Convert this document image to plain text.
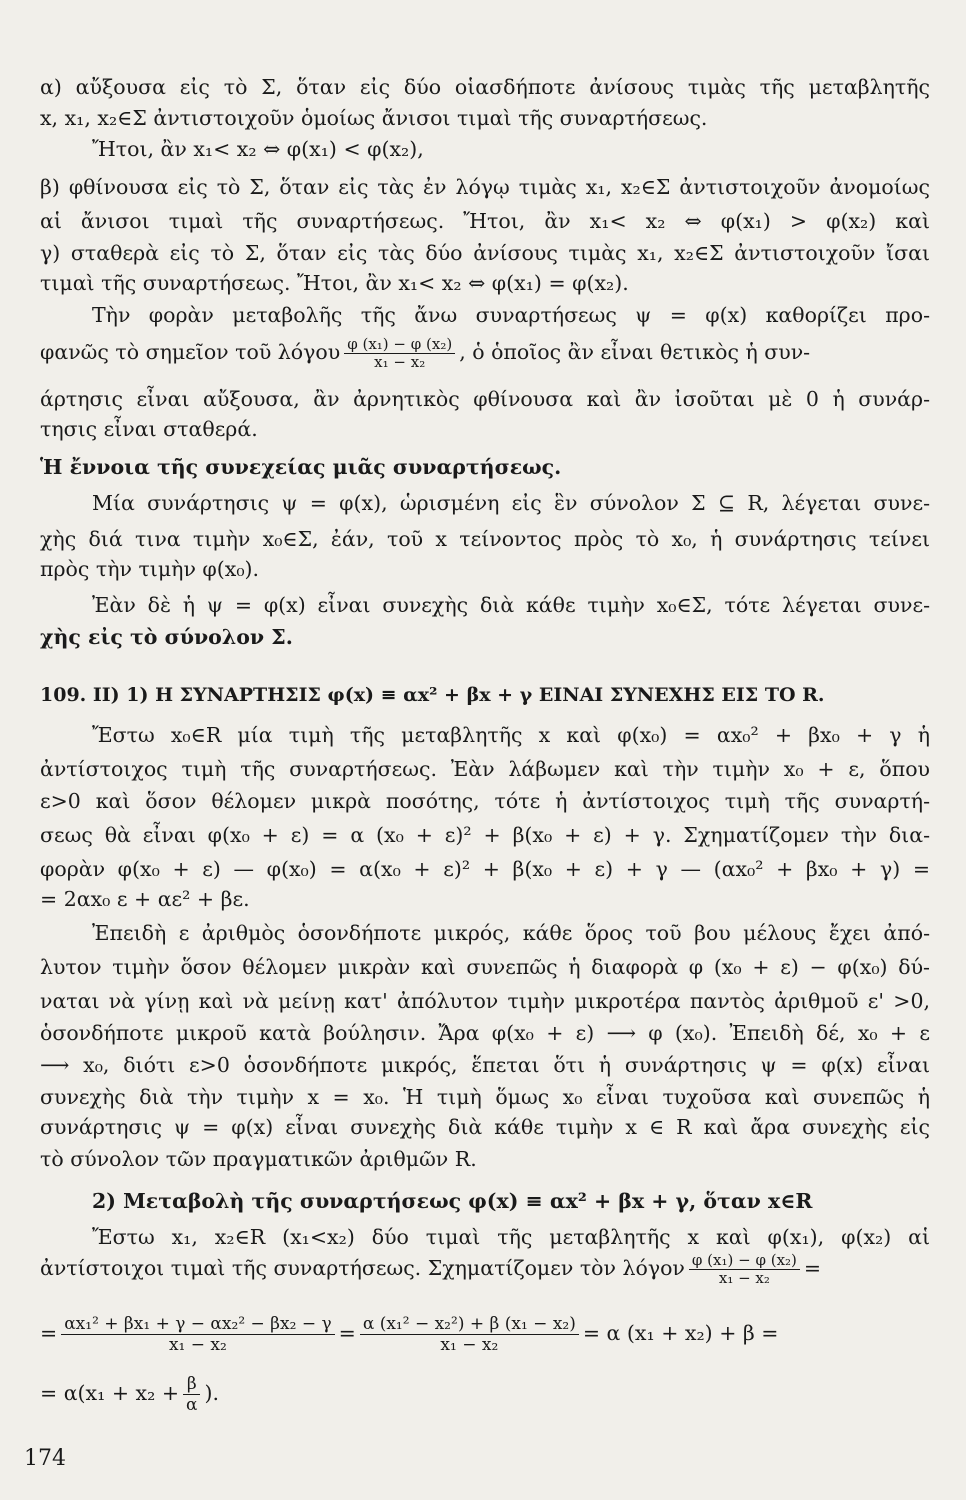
α) αὔξουσα εἰς τὸ Σ, ὅταν εἰς δύο οἱασδήποτε ἀνίσους τιμὰς τῆς μεταβλητῆς
x, x₁, x₂∈Σ ἀντιστοιχοῦν ὁμοίως ἄνισοι τιμαὶ τῆς συναρτήσεως.
Ἤτοι, ἂν x₁< x₂ ⇔ φ(x₁) < φ(x₂),
β) φθίνουσα εἰς τὸ Σ, ὅταν εἰς τὰς ἐν λόγῳ τιμὰς x₁, x₂∈Σ ἀντιστοιχοῦν ἀνομοίως
αἱ ἄνισοι τιμαὶ τῆς συναρτήσεως. Ἤτοι, ἂν x₁< x₂ ⇔ φ(x₁) > φ(x₂) καὶ
γ) σταθερὰ εἰς τὸ Σ, ὅταν εἰς τὰς δύο ἀνίσους τιμὰς x₁, x₂∈Σ ἀντιστοιχοῦν ἴσαι
τιμαὶ τῆς συναρτήσεως. Ἤτοι, ἂν x₁< x₂ ⇔ φ(x₁) = φ(x₂).
Τὴν φορὰν μεταβολῆς τῆς ἄνω συναρτήσεως ψ = φ(x) καθορίζει προ-
φανῶς τὸ σημεῖον τοῦ λόγου $\frac{\text{φ (x₁) − φ (x₂)}}{\text{x₁ − x₂}}$ , ὁ ὁποῖος ἂν εἶναι θετικὸς ἡ συν-
άρτησις εἶναι αὔξουσα, ἂν ἀρνητικὸς φθίνουσα καὶ ἂν ἰσοῦται μὲ 0 ἡ συνάρ-
τησις εἶναι σταθερά.
Ἡ ἔννοια τῆς συνεχείας μιᾶς συναρτήσεως.
Μία συνάρτησις ψ = φ(x), ὡρισμένη εἰς ἓν σύνολον Σ ⊆ R, λέγεται συνε-
χὴς διά τινα τιμὴν x₀∈Σ, ἐάν, τοῦ x τείνοντος πρὸς τὸ x₀, ἡ συνάρτησις τείνει
πρὸς τὴν τιμὴν φ(x₀).
Ἐὰν δὲ ἡ ψ = φ(x) εἶναι συνεχὴς διὰ κάθε τιμὴν x₀∈Σ, τότε λέγεται συνε-
χὴς εἰς τὸ σύνολον Σ.
109. II) 1) Η ΣΥΝΑΡΤΗΣΙΣ φ(x) ≡ αx² + βx + γ ΕΙΝΑΙ ΣΥΝΕΧΗΣ ΕΙΣ ΤΟ R.
Ἔστω x₀∈R μία τιμὴ τῆς μεταβλητῆς x καὶ φ(x₀) = αx₀² + βx₀ + γ ἡ
ἀντίστοιχος τιμὴ τῆς συναρτήσεως. Ἐὰν λάβωμεν καὶ τὴν τιμὴν x₀ + ε, ὅπου
ε>0 καὶ ὅσον θέλομεν μικρὰ ποσότης, τότε ἡ ἀντίστοιχος τιμὴ τῆς συναρτή-
σεως θὰ εἶναι φ(x₀ + ε) = α (x₀ + ε)² + β(x₀ + ε) + γ. Σχηματίζομεν τὴν δια-
φορὰν φ(x₀ + ε) — φ(x₀) = α(x₀ + ε)² + β(x₀ + ε) + γ — (αx₀² + βx₀ + γ) =
= 2αx₀ ε + αε² + βε.
Ἐπειδὴ ε ἀριθμὸς ὁσονδήποτε μικρός, κάθε ὅρος τοῦ βου μέλους ἔχει ἀπό-
λυτον τιμὴν ὅσον θέλομεν μικρὰν καὶ συνεπῶς ἡ διαφορὰ φ (x₀ + ε) − φ(x₀) δύ-
ναται νὰ γίνῃ καὶ νὰ μείνῃ κατ' ἀπόλυτον τιμὴν μικροτέρα παντὸς ἀριθμοῦ ε' >0,
ὁσονδήποτε μικροῦ κατὰ βούλησιν. Ἄρα φ(x₀ + ε) ⟶ φ (x₀). Ἐπειδὴ δέ, x₀ + ε
⟶ x₀, διότι ε>0 ὁσονδήποτε μικρός, ἕπεται ὅτι ἡ συνάρτησις ψ = φ(x) εἶναι
συνεχὴς διὰ τὴν τιμὴν x = x₀. Ἡ τιμὴ ὅμως x₀ εἶναι τυχοῦσα καὶ συνεπῶς ἡ
συνάρτησις ψ = φ(x) εἶναι συνεχὴς διὰ κάθε τιμὴν x ∈ R καὶ ἄρα συνεχὴς εἰς
τὸ σύνολον τῶν πραγματικῶν ἀριθμῶν R.
2) Μεταβολὴ τῆς συναρτήσεως φ(x) ≡ αx² + βx + γ, ὅταν x∈R
Ἔστω x₁, x₂∈R (x₁<x₂) δύο τιμαὶ τῆς μεταβλητῆς x καὶ φ(x₁), φ(x₂) αἱ
ἀντίστοιχοι τιμαὶ τῆς συναρτήσεως. Σχηματίζομεν τὸν λόγον $\frac{\text{φ (x₁) − φ (x₂)}}{\text{x₁ − x₂}}$ =
= $\frac{\text{αx₁² + βx₁ + γ − αx₂² − βx₂ − γ}}{\text{x₁ − x₂}} = \frac{\text{α (x₁² − x₂²) + β (x₁ − x₂)}}{\text{x₁ − x₂}} = \alpha$ (x₁ + x₂) + β =
= $\alpha(x_1 + x_2 + \frac{\beta}{\alpha}$ ).
174
